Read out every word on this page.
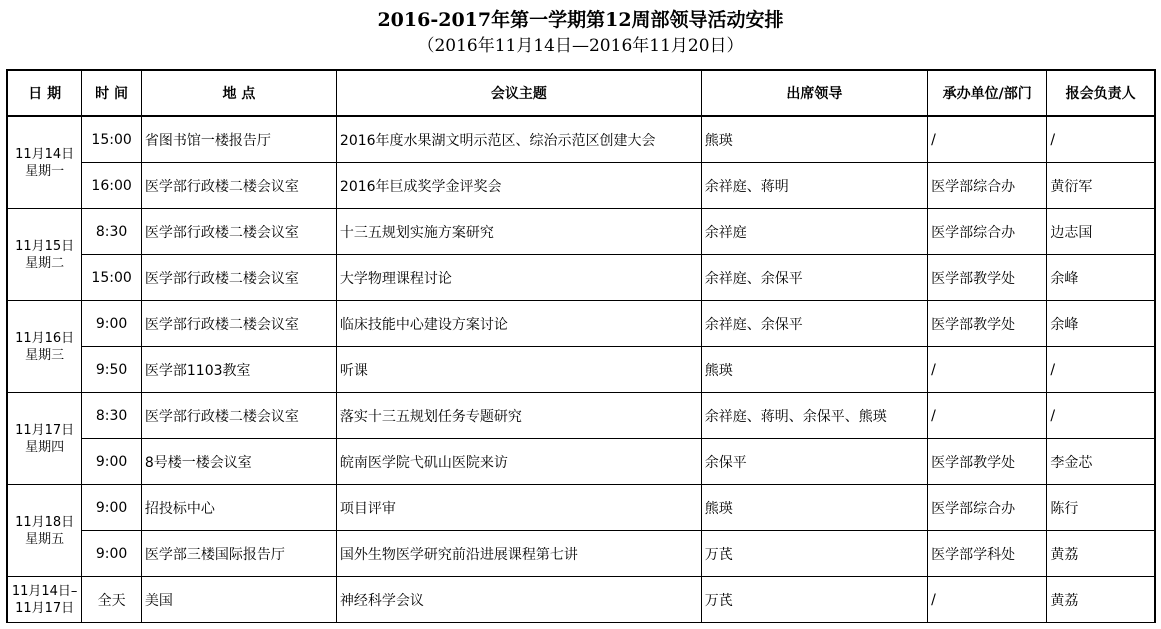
2016-2017年第一学期第12周部领导活动安排
（2016年11月14日—2016年11月20日）
日 期	时 间	地 点	会议主题	出席领导	承办单位/部门	报会负责人
11月14日
星期一	15:00	省图书馆一楼报告厅	2016年度水果湖文明示范区、综治示范区创建大会	熊瑛	/	/
	16:00	医学部行政楼二楼会议室	2016年巨成奖学金评奖会	余祥庭、蒋明	医学部综合办	黄衍军
11月15日
星期二	8:30	医学部行政楼二楼会议室	十三五规划实施方案研究	余祥庭	医学部综合办	边志国
	15:00	医学部行政楼二楼会议室	大学物理课程讨论	余祥庭、余保平	医学部教学处	余峰
11月16日
星期三	9:00	医学部行政楼二楼会议室	临床技能中心建设方案讨论	余祥庭、余保平	医学部教学处	余峰
	9:50	医学部1103教室	听课	熊瑛	/	/
11月17日
星期四	8:30	医学部行政楼二楼会议室	落实十三五规划任务专题研究	余祥庭、蒋明、余保平、熊瑛	/	/
	9:00	8号楼一楼会议室	皖南医学院弋矶山医院来访	余保平	医学部教学处	李金芯
11月18日
星期五	9:00	招投标中心	项目评审	熊瑛	医学部综合办	陈行
	9:00	医学部三楼国际报告厅	国外生物医学研究前沿进展课程第七讲	万芪	医学部学科处	黄荔
11月14日–
11月17日	全天	美国	神经科学会议	万芪	/	黄荔
